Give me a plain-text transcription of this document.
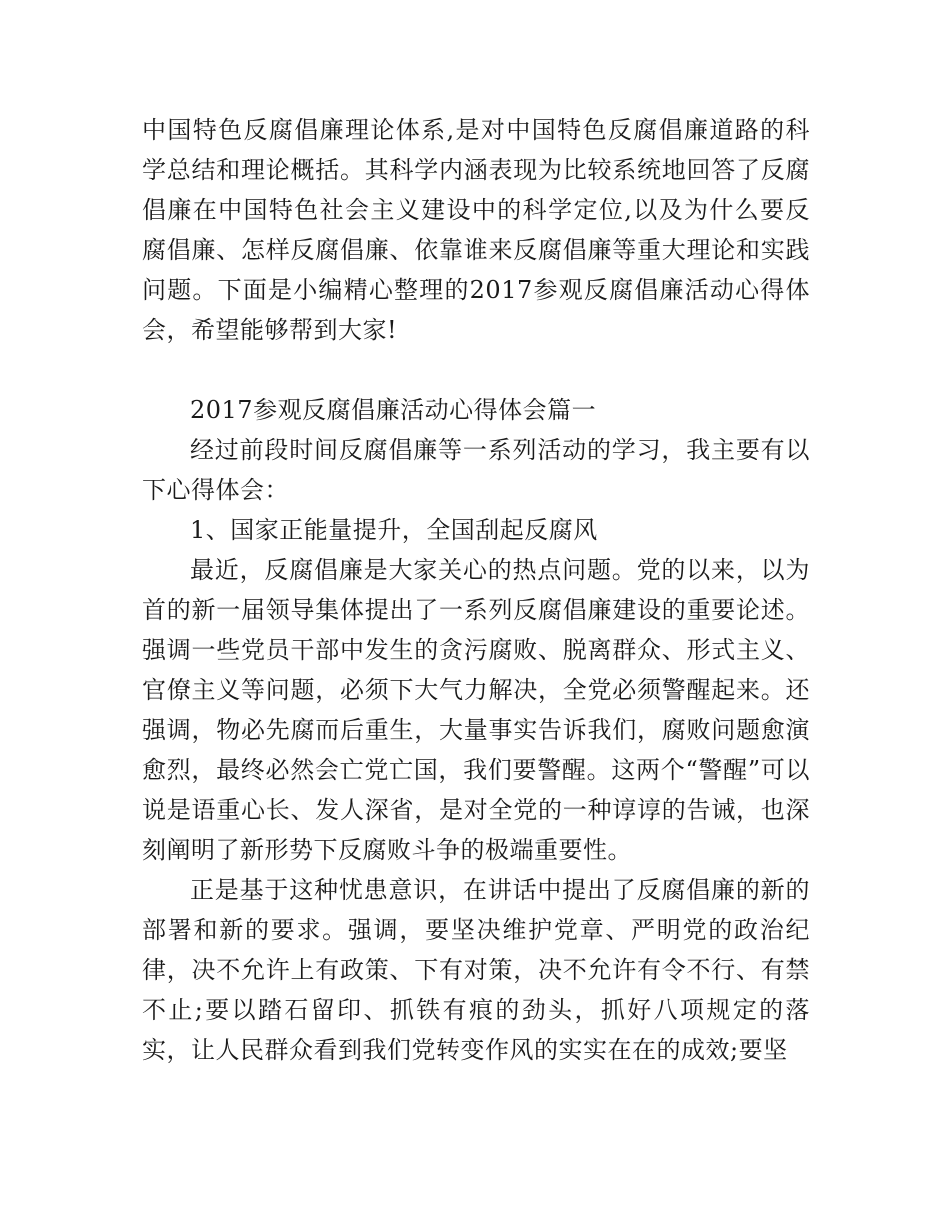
中国特色反腐倡廉理论体系,是对中国特色反腐倡廉道路的科学总结和理论概括。其科学内涵表现为比较系统地回答了反腐倡廉在中国特色社会主义建设中的科学定位,以及为什么要反腐倡廉、怎样反腐倡廉、依靠谁来反腐倡廉等重大理论和实践问题。下面是小编精心整理的2017参观反腐倡廉活动心得体会，希望能够帮到大家!

2017参观反腐倡廉活动心得体会篇一

经过前段时间反腐倡廉等一系列活动的学习，我主要有以下心得体会：

1、国家正能量提升，全国刮起反腐风

最近，反腐倡廉是大家关心的热点问题。党的以来，以为首的新一届领导集体提出了一系列反腐倡廉建设的重要论述。强调一些党员干部中发生的贪污腐败、脱离群众、形式主义、官僚主义等问题，必须下大气力解决，全党必须警醒起来。还强调，物必先腐而后重生，大量事实告诉我们，腐败问题愈演愈烈，最终必然会亡党亡国，我们要警醒。这两个“警醒”可以说是语重心长、发人深省，是对全党的一种谆谆的告诫，也深刻阐明了新形势下反腐败斗争的极端重要性。

正是基于这种忧患意识，在讲话中提出了反腐倡廉的新的部署和新的要求。强调，要坚决维护党章、严明党的政治纪律，决不允许上有政策、下有对策，决不允许有令不行、有禁不止;要以踏石留印、抓铁有痕的劲头，抓好八项规定的落实，让人民群众看到我们党转变作风的实实在在的成效;要坚
